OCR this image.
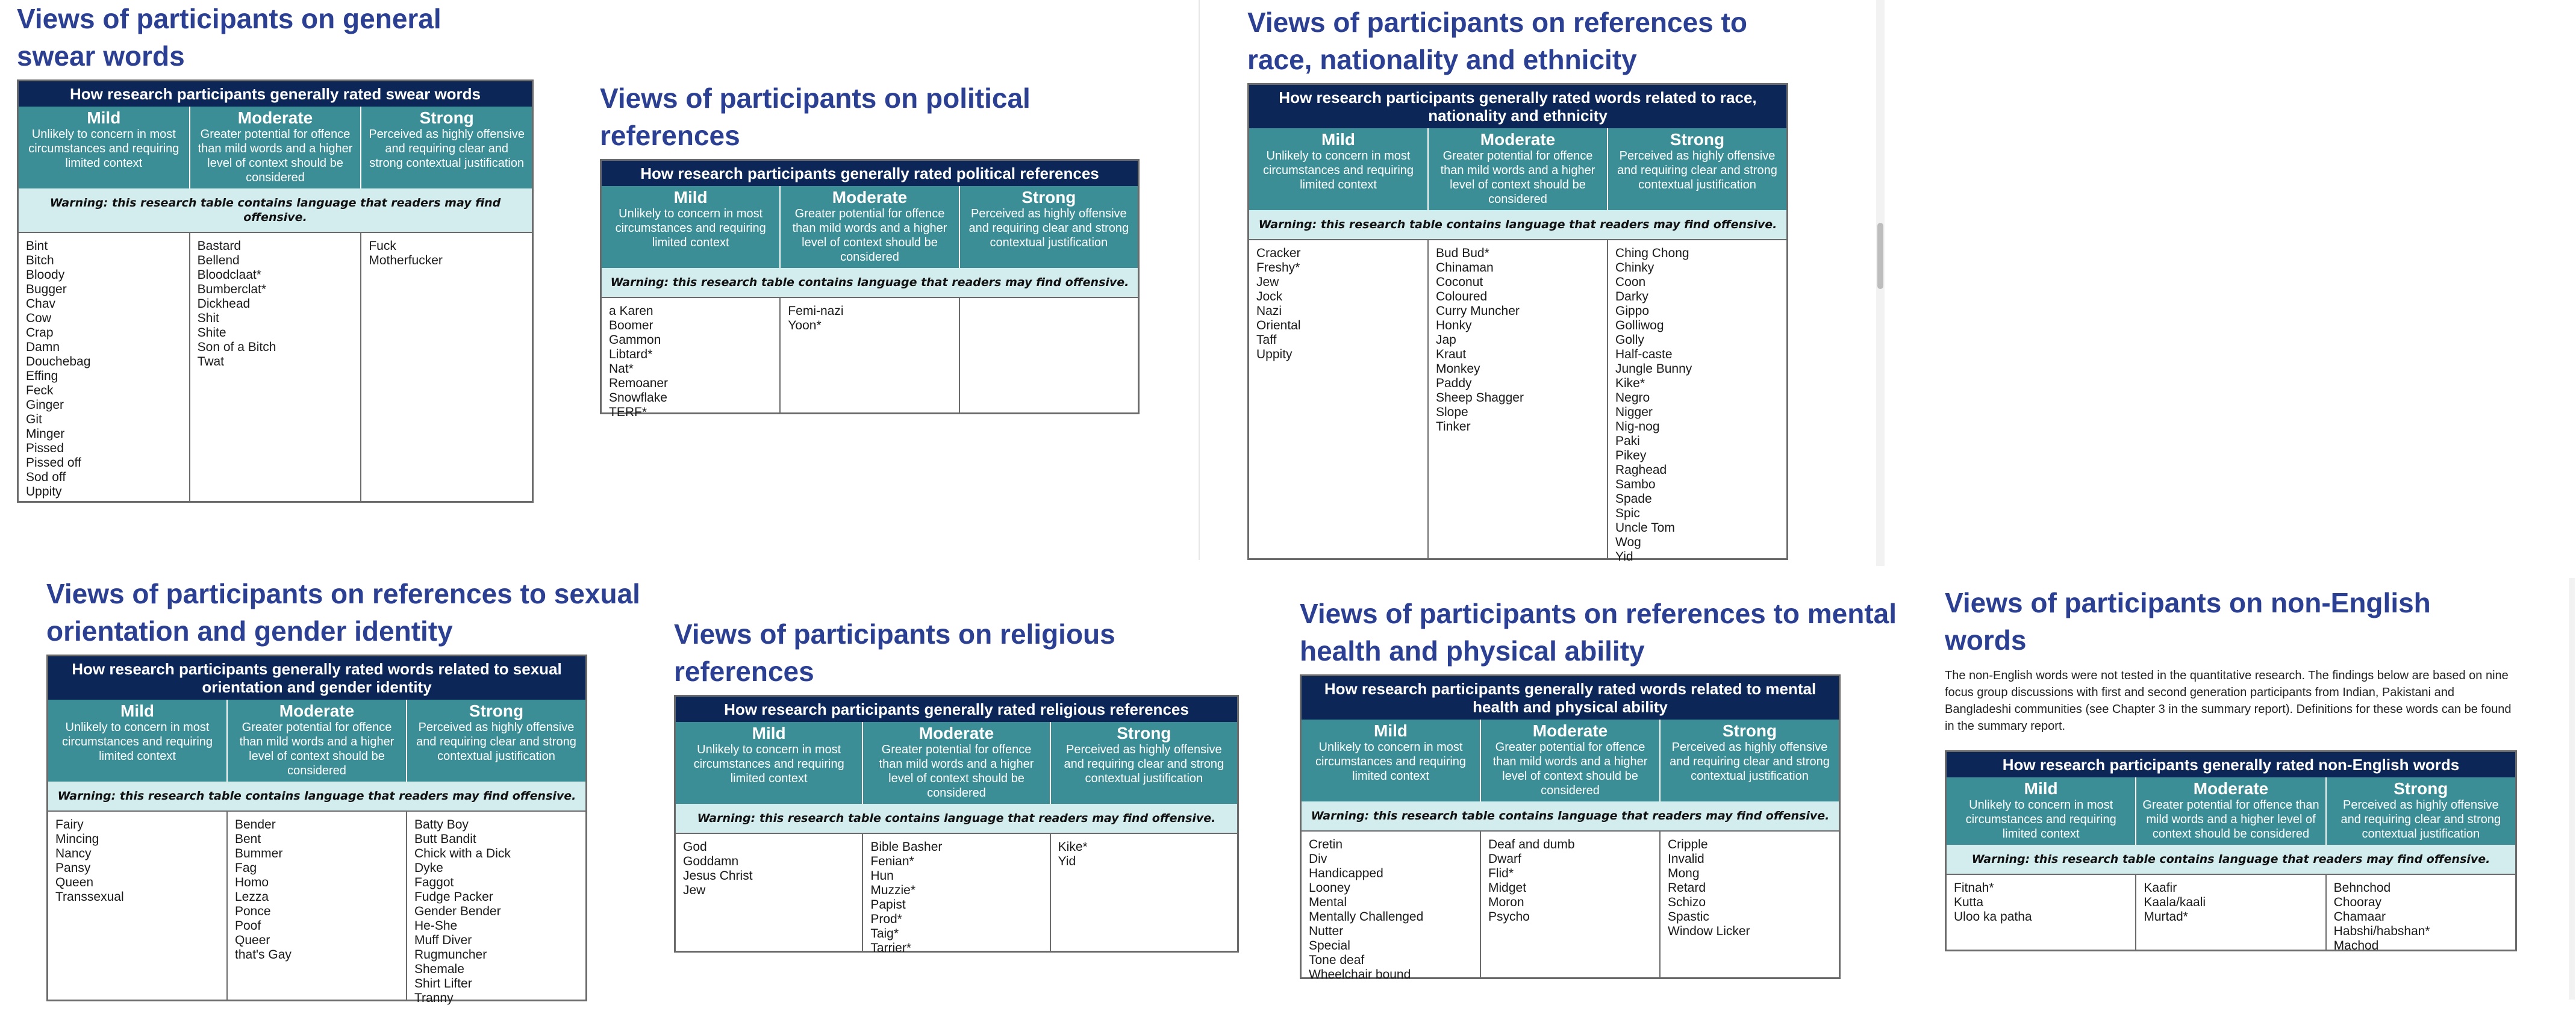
Views of participants on general swear words
How research participants generally rated swear words
Mild
Unlikely to concern in most circumstances and requiring limited context
Moderate
Greater potential for offence than mild words and a higher level of context should be considered
Strong
Perceived as highly offensive and requiring clear and strong contextual justification
Warning: this research table contains language that readers may find offensive.
Bint
Bitch
Bloody
Bugger
Chav
Cow
Crap
Damn
Douchebag
Effing
Feck
Ginger
Git
Minger
Pissed
Pissed off
Sod off
Uppity
Bastard
Bellend
Bloodclaat*
Bumberclat*
Dickhead
Shit
Shite
Son of a Bitch
Twat
Fuck
Motherfucker
Views of participants on political references
How research participants generally rated political references
Mild
Unlikely to concern in most circumstances and requiring limited context
Moderate
Greater potential for offence than mild words and a higher level of context should be considered
Strong
Perceived as highly offensive and requiring clear and strong contextual justification
Warning: this research table contains language that readers may find offensive.
a Karen
Boomer
Gammon
Libtard*
Nat*
Remoaner
Snowflake
TERF*
Femi-nazi
Yoon*
Views of participants on references to race, nationality and ethnicity
How research participants generally rated words related to race, nationality and ethnicity
Mild
Unlikely to concern in most circumstances and requiring limited context
Moderate
Greater potential for offence than mild words and a higher level of context should be considered
Strong
Perceived as highly offensive and requiring clear and strong contextual justification
Warning: this research table contains language that readers may find offensive.
Cracker
Freshy*
Jew
Jock
Nazi
Oriental
Taff
Uppity
Bud Bud*
Chinaman
Coconut
Coloured
Curry Muncher
Honky
Jap
Kraut
Monkey
Paddy
Sheep Shagger
Slope
Tinker
Ching Chong
Chinky
Coon
Darky
Gippo
Golliwog
Golly
Half-caste
Jungle Bunny
Kike*
Negro
Nigger
Nig-nog
Paki
Pikey
Raghead
Sambo
Spade
Spic
Uncle Tom
Wog
Yid
Views of participants on references to sexual orientation and gender identity
How research participants generally rated words related to sexual orientation and gender identity
Mild
Unlikely to concern in most circumstances and requiring limited context
Moderate
Greater potential for offence than mild words and a higher level of context should be considered
Strong
Perceived as highly offensive and requiring clear and strong contextual justification
Warning: this research table contains language that readers may find offensive.
Fairy
Mincing
Nancy
Pansy
Queen
Transsexual
Bender
Bent
Bummer
Fag
Homo
Lezza
Ponce
Poof
Queer
that's Gay
Batty Boy
Butt Bandit
Chick with a Dick
Dyke
Faggot
Fudge Packer
Gender Bender
He-She
Muff Diver
Rugmuncher
Shemale
Shirt Lifter
Tranny
Views of participants on religious references
How research participants generally rated religious references
Mild
Unlikely to concern in most circumstances and requiring limited context
Moderate
Greater potential for offence than mild words and a higher level of context should be considered
Strong
Perceived as highly offensive and requiring clear and strong contextual justification
Warning: this research table contains language that readers may find offensive.
God
Goddamn
Jesus Christ
Jew
Bible Basher
Fenian*
Hun
Muzzie*
Papist
Prod*
Taig*
Tarrier*
Kike*
Yid
Views of participants on references to mental health and physical ability
How research participants generally rated words related to mental health and physical ability
Mild
Unlikely to concern in most circumstances and requiring limited context
Moderate
Greater potential for offence than mild words and a higher level of context should be considered
Strong
Perceived as highly offensive and requiring clear and strong contextual justification
Warning: this research table contains language that readers may find offensive.
Cretin
Div
Handicapped
Looney
Mental
Mentally Challenged
Nutter
Special
Tone deaf
Wheelchair bound
Deaf and dumb
Dwarf
Flid*
Midget
Moron
Psycho
Cripple
Invalid
Mong
Retard
Schizo
Spastic
Window Licker
Views of participants on non-English words

The non-English words were not tested in the quantitative research. The findings below are based on nine focus group discussions with first and second generation participants from Indian, Pakistani and Bangladeshi communities (see Chapter 3 in the summary report). Definitions for these words can be found in the summary report.

How research participants generally rated non-English words
Mild
Unlikely to concern in most circumstances and requiring limited context
Moderate
Greater potential for offence than mild words and a higher level of context should be considered
Strong
Perceived as highly offensive and requiring clear and strong contextual justification
Warning: this research table contains language that readers may find offensive.
Fitnah*
Kutta
Uloo ka patha
Kaafir
Kaala/kaali
Murtad*
Behnchod
Chooray
Chamaar
Habshi/habshan*
Machod
